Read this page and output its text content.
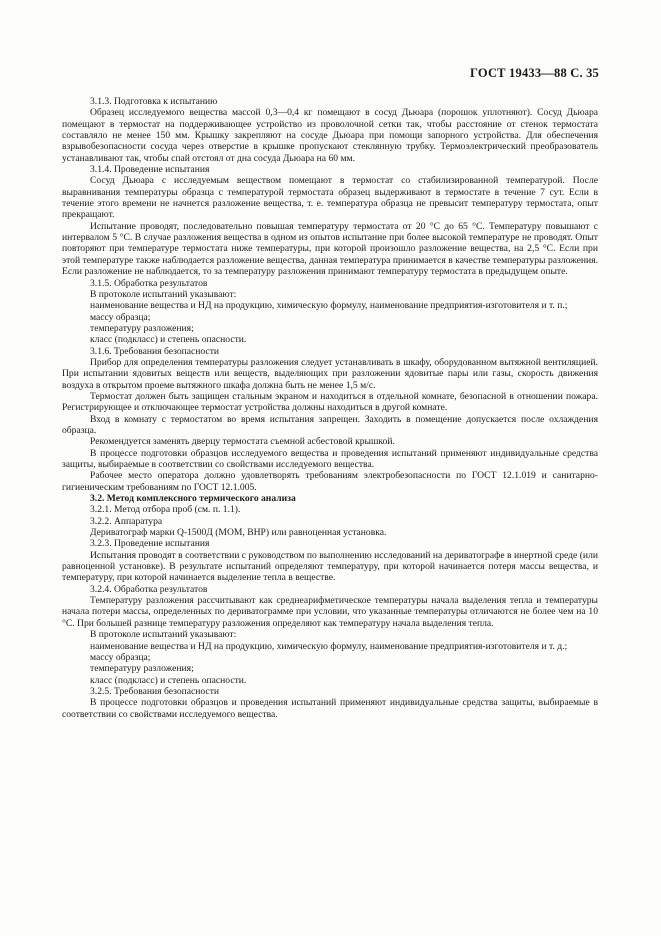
ГОСТ 19433—88 С. 35

3.1.3. Подготовка к испытанию

Образец исследуемого вещества массой 0,3—0,4 кг помещают в сосуд Дьюара (порошок уплотняют). Сосуд Дьюара помещают в термостат на поддерживающее устройство из проволочной сетки так, чтобы расстояние от стенок термостата составляло не менее 150 мм. Крышку закрепляют на сосуде Дьюара при помощи запорного устройства. Для обеспечения взрывобезопасности сосуда через отверстие в крышке пропускают стеклянную трубку. Термоэлектрический преобразователь устанавливают так, чтобы спай отстоял от дна сосуда Дьюара на 60 мм.

3.1.4. Проведение испытания

Сосуд Дьюара с исследуемым веществом помещают в термостат со стабилизированной температурой. После выравнивания температуры образца с температурой термостата образец выдерживают в термостате в течение 7 сут. Если в течение этого времени не начнется разложение вещества, т. е. температура образца не превысит температуру термостата, опыт прекращают.

Испытание проводят, последовательно повышая температуру термостата от 20 °С до 65 °С. Температуру повышают с интервалом 5 °С. В случае разложения вещества в одном из опытов испытание при более высокой температуре не проводят. Опыт повторяют при температуре термостата ниже температуры, при которой произошло разложение вещества, на 2,5 °С. Если при этой температуре также наблюдается разложение вещества, данная температура принимается в качестве температуры разложения. Если разложение не наблюдается, то за температуру разложения принимают температуру термостата в предыдущем опыте.

3.1.5. Обработка результатов

В протоколе испытаний указывают:

наименование вещества и НД на продукцию, химическую формулу, наименование предприятия-изготовителя и т. п.;

массу образца;

температуру разложения;

класс (подкласс) и степень опасности.

3.1.6. Требования безопасности

Прибор для определения температуры разложения следует устанавливать в шкафу, оборудованном вытяжной вентиляцией. При испытании ядовитых веществ или веществ, выделяющих при разложении ядовитые пары или газы, скорость движения воздуха в открытом проеме вытяжного шкафа должна быть не менее 1,5 м/с.

Термостат должен быть защищен стальным экраном и находиться в отдельной комнате, безопасной в отношении пожара. Регистрирующее и отключающее термостат устройства должны находиться в другой комнате.

Вход в комнату с термостатом во время испытания запрещен. Заходить в помещение допускается после охлаждения образца.

Рекомендуется заменять дверцу термостата съемной асбестовой крышкой.

В процессе подготовки образцов исследуемого вещества и проведения испытаний применяют индивидуальные средства защиты, выбираемые в соответствии со свойствами исследуемого вещества.

Рабочее место оператора должно удовлетворять требованиям электробезопасности по ГОСТ 12.1.019 и санитарно-гигиеническим требованиям по ГОСТ 12.1.005.

3.2. Метод комплексного термического анализа

3.2.1. Метод отбора проб (см. п. 1.1).

3.2.2. Аппаратура

Дериватограф марки Q-1500Д (МОМ, ВНР) или равноценная установка.

3.2.3. Проведение испытания

Испытания проводят в соответствии с руководством по выполнению исследований на дериватографе в инертной среде (или равноценной установке). В результате испытаний определяют температуру, при которой начинается потеря массы вещества, и температуру, при которой начинается выделение тепла в веществе.

3.2.4. Обработка результатов

Температуру разложения рассчитывают как среднеарифметическое температуры начала выделения тепла и температуры начала потери массы, определенных по дериватограмме при условии, что указанные температуры отличаются не более чем на 10 °С. При большей разнице температуру разложения определяют как температуру начала выделения тепла.

В протоколе испытаний указывают:

наименование вещества и НД на продукцию, химическую формулу, наименование предприятия-изготовителя и т. д.;

массу образца;

температуру разложения;

класс (подкласс) и степень опасности.

3.2.5. Требования безопасности

В процессе подготовки образцов и проведения испытаний применяют индивидуальные средства защиты, выбираемые в соответствии со свойствами исследуемого вещества.
